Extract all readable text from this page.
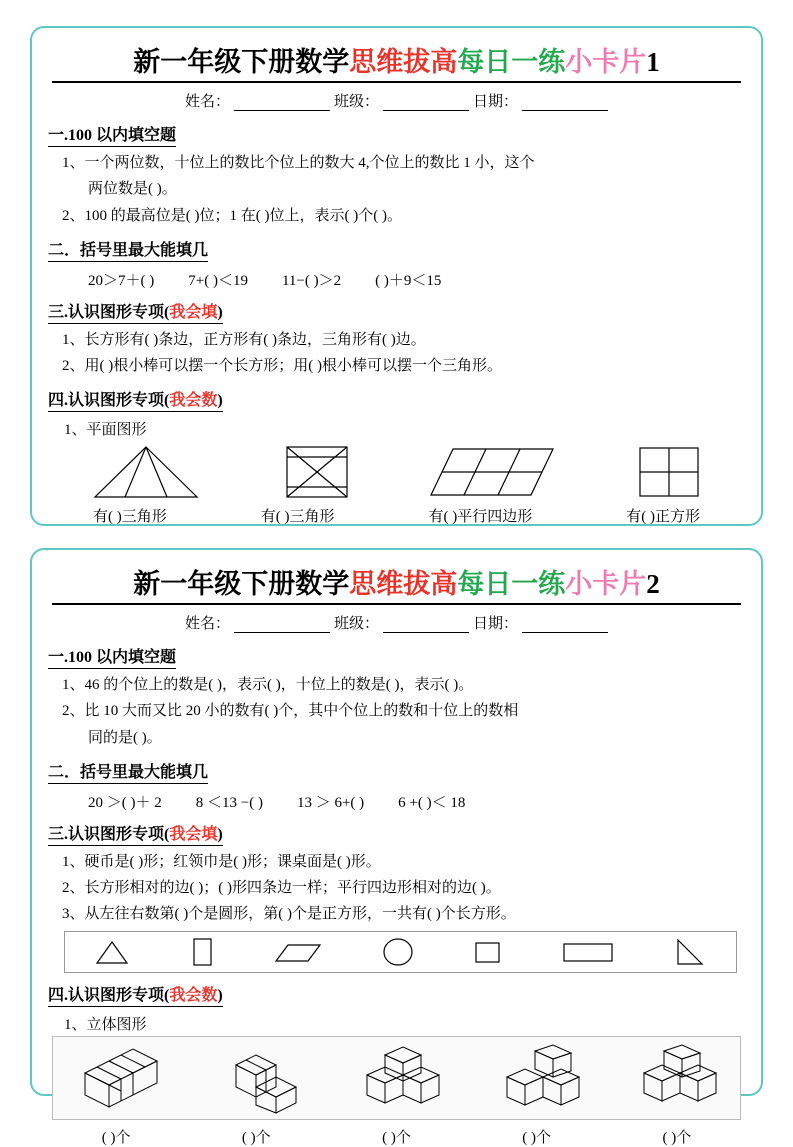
新一年级下册数学思维拔高每日一练小卡片1
姓名：	班级：	日期：
一.100 以内填空题
1、一个两位数，十位上的数比个位上的数大 4,个位上的数比 1 小，这个
两位数是( )。
2、100 的最高位是( )位；1 在( )位上，表示( )个( )。
二．括号里最大能填几
20＞7＋( ) 7+( )＜19 11−( )＞2 ( )＋9＜15
三.认识图形专项(我会填)
1、长方形有( )条边，正方形有( )条边，三角形有( )边。
2、用( )根小棒可以摆一个长方形；用( )根小棒可以摆一个三角形。
四.认识图形专项(我会数)
1、平面图形
有( )三角形	有( )三角形	有( )平行四边形	有( )正方形
新一年级下册数学思维拔高每日一练小卡片2
姓名：	班级：	日期：
一.100 以内填空题
1、46 的个位上的数是( )，表示( )，十位上的数是( )，表示( )。
2、比 10 大而又比 20 小的数有( )个，其中个位上的数和十位上的数相
同的是( )。
二．括号里最大能填几
20 ＞( )＋ 2 8 ＜13 −( ) 13 ＞ 6+( ) 6 +( )＜ 18
三.认识图形专项(我会填)
1、硬币是( )形；红领巾是( )形；课桌面是( )形。
2、长方形相对的边( )；( )形四条边一样；平行四边形相对的边( )。
3、从左往右数第( )个是圆形，第( )个是正方形，一共有( )个长方形。
四.认识图形专项(我会数)
1、立体图形
( )个	( )个	( )个	( )个	( )个
